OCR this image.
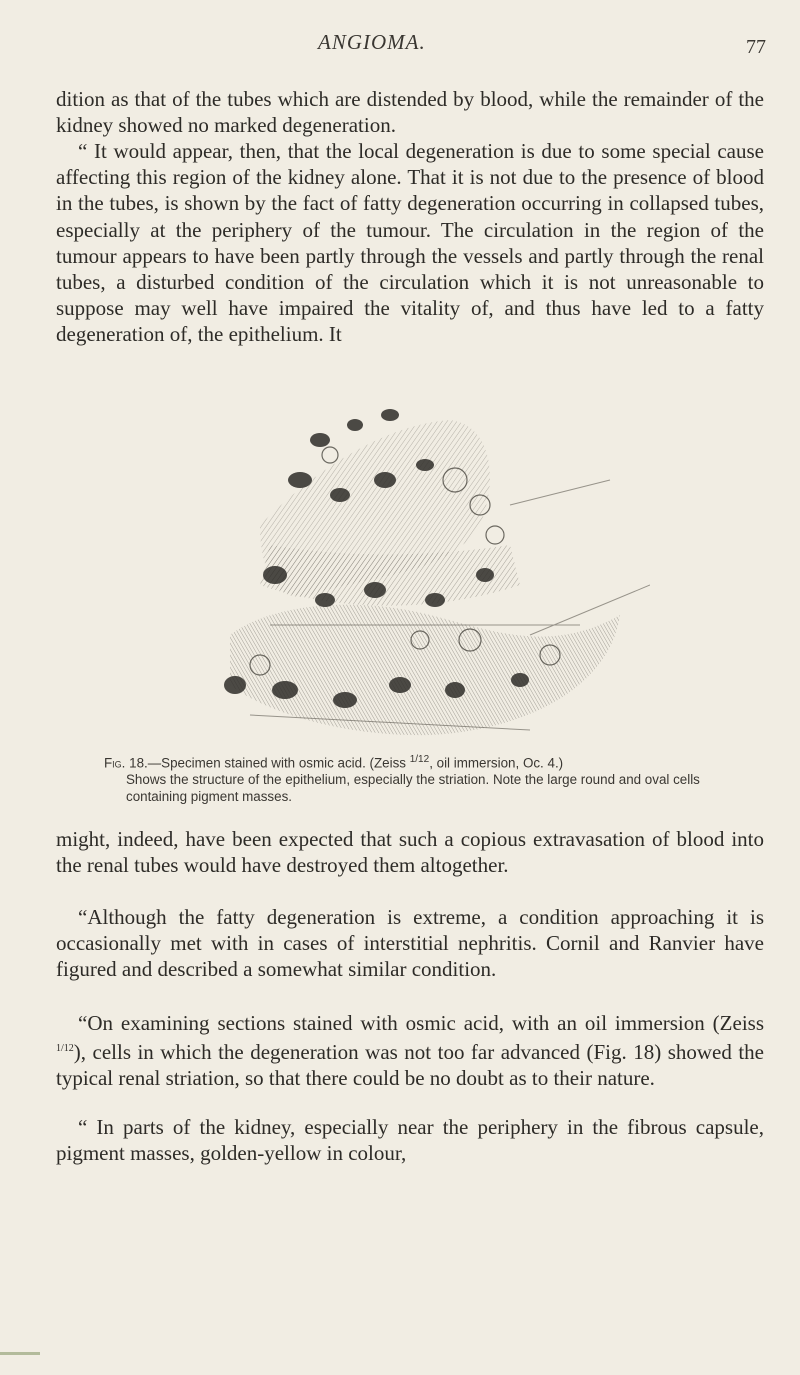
ANGIOMA.	77

dition as that of the tubes which are distended by blood, while the remainder of the kidney showed no marked degeneration.

“ It would appear, then, that the local degeneration is due to some special cause affecting this region of the kidney alone. That it is not due to the presence of blood in the tubes, is shown by the fact of fatty degeneration occurring in collapsed tubes, especially at the periphery of the tumour. The circulation in the region of the tumour appears to have been partly through the vessels and partly through the renal tubes, a disturbed condition of the circulation which it is not unreasonable to suppose may well have impaired the vitality of, and thus have led to a fatty degeneration of, the epithelium. It

Fig. 18.—Specimen stained with osmic acid. (Zeiss $^{1/12}$, oil immersion, Oc. 4.)

Shows the structure of the epithelium, especially the striation. Note the large round and oval cells containing pigment masses.

might, indeed, have been expected that such a copious extravasation of blood into the renal tubes would have destroyed them altogether.

“Although the fatty degeneration is extreme, a condition approaching it is occasionally met with in cases of interstitial nephritis. Cornil and Ranvier have figured and described a somewhat similar condition.

“On examining sections stained with osmic acid, with an oil immersion (Zeiss $^{1/12}$), cells in which the degeneration was not too far advanced (Fig. 18) showed the typical renal striation, so that there could be no doubt as to their nature.

“ In parts of the kidney, especially near the periphery in the fibrous capsule, pigment masses, golden-yellow in colour,
